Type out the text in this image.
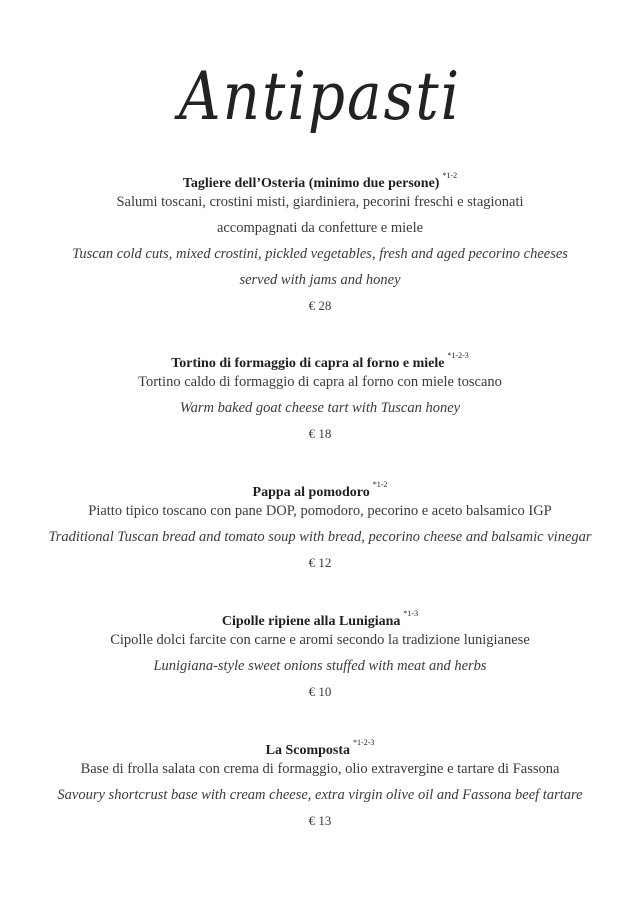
Antipasti
Tagliere dell’Osteria (minimo due persone)$^{*1-2}$
Salumi toscani, crostini misti, giardiniera, pecorini freschi e stagionati
accompagnati da confetture e miele
Tuscan cold cuts, mixed crostini, pickled vegetables, fresh and aged pecorino cheeses
served with jams and honey
€ 28
Tortino di formaggio di capra al forno e miele$^{*1-2-3}$
Tortino caldo di formaggio di capra al forno con miele toscano
Warm baked goat cheese tart with Tuscan honey
€ 18
Pappa al pomodoro$^{*1-2}$
Piatto tipico toscano con pane DOP, pomodoro, pecorino e aceto balsamico IGP
Traditional Tuscan bread and tomato soup with bread, pecorino cheese and balsamic vinegar
€ 12
Cipolle ripiene alla Lunigiana$^{*1-3}$
Cipolle dolci farcite con carne e aromi secondo la tradizione lunigianese
Lunigiana-style sweet onions stuffed with meat and herbs
€ 10
La Scomposta$^{*1-2-3}$
Base di frolla salata con crema di formaggio, olio extravergine e tartare di Fassona
Savoury shortcrust base with cream cheese, extra virgin olive oil and Fassona beef tartare
€ 13
